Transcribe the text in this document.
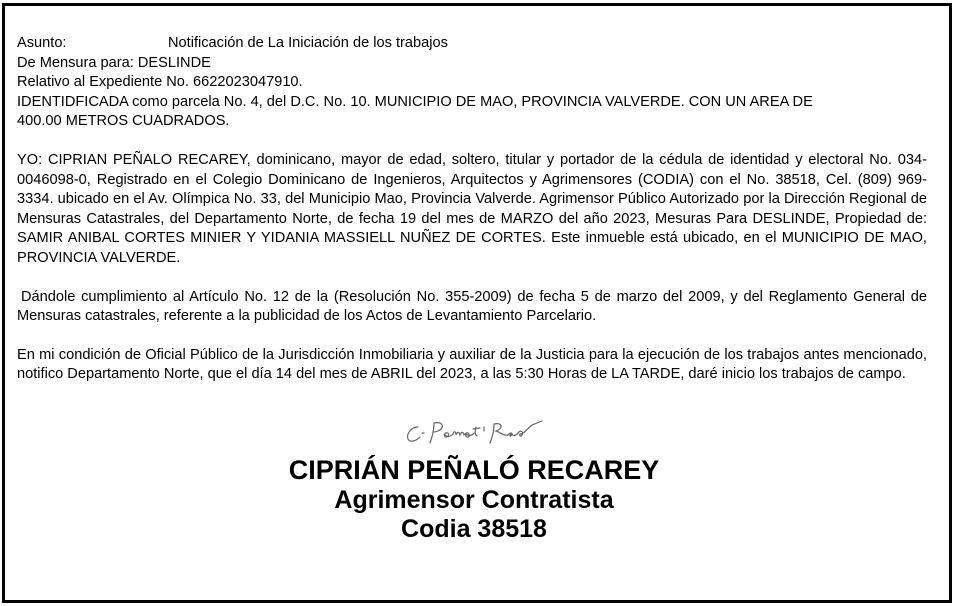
Asunto:	Notificación de La Iniciación de los trabajos
De Mensura para: DESLINDE
Relativo al Expediente No. 6622023047910.
IDENTIDFICADA como parcela No. 4, del D.C. No. 10. MUNICIPIO DE MAO, PROVINCIA VALVERDE. CON UN AREA DE
400.00 METROS CUADRADOS.

YO: CIPRIAN PEÑALO RECAREY, dominicano, mayor de edad, soltero, titular y portador de la cédula de identidad y electoral No. 034-0046098-0, Registrado en el Colegio Dominicano de Ingenieros, Arquitectos y Agrimensores (CODIA) con el No. 38518, Cel. (809) 969-3334. ubicado en el Av. Olímpica No. 33, del Municipio Mao, Provincia Valverde. Agrimensor Público Autorizado por la Dirección Regional de Mensuras Catastrales, del Departamento Norte, de fecha 19 del mes de MARZO del año 2023, Mesuras Para DESLINDE, Propiedad de: SAMIR ANIBAL CORTES MINIER Y YIDANIA MASSIELL NUÑEZ DE CORTES. Este inmueble está ubicado, en el MUNICIPIO DE MAO, PROVINCIA VALVERDE.

Dándole cumplimiento al Artículo No. 12 de la (Resolución No. 355-2009) de fecha 5 de marzo del 2009, y del Reglamento General de Mensuras catastrales, referente a la publicidad de los Actos de Levantamiento Parcelario.

En mi condición de Oficial Público de la Jurisdicción Inmobiliaria y auxiliar de la Justicia para la ejecución de los trabajos antes mencionado, notifico Departamento Norte, que el día 14 del mes de ABRIL del 2023, a las 5:30 Horas de LA TARDE, daré inicio los trabajos de campo.

CIPRIÁN PEÑALÓ RECAREY
Agrimensor Contratista
Codia 38518
